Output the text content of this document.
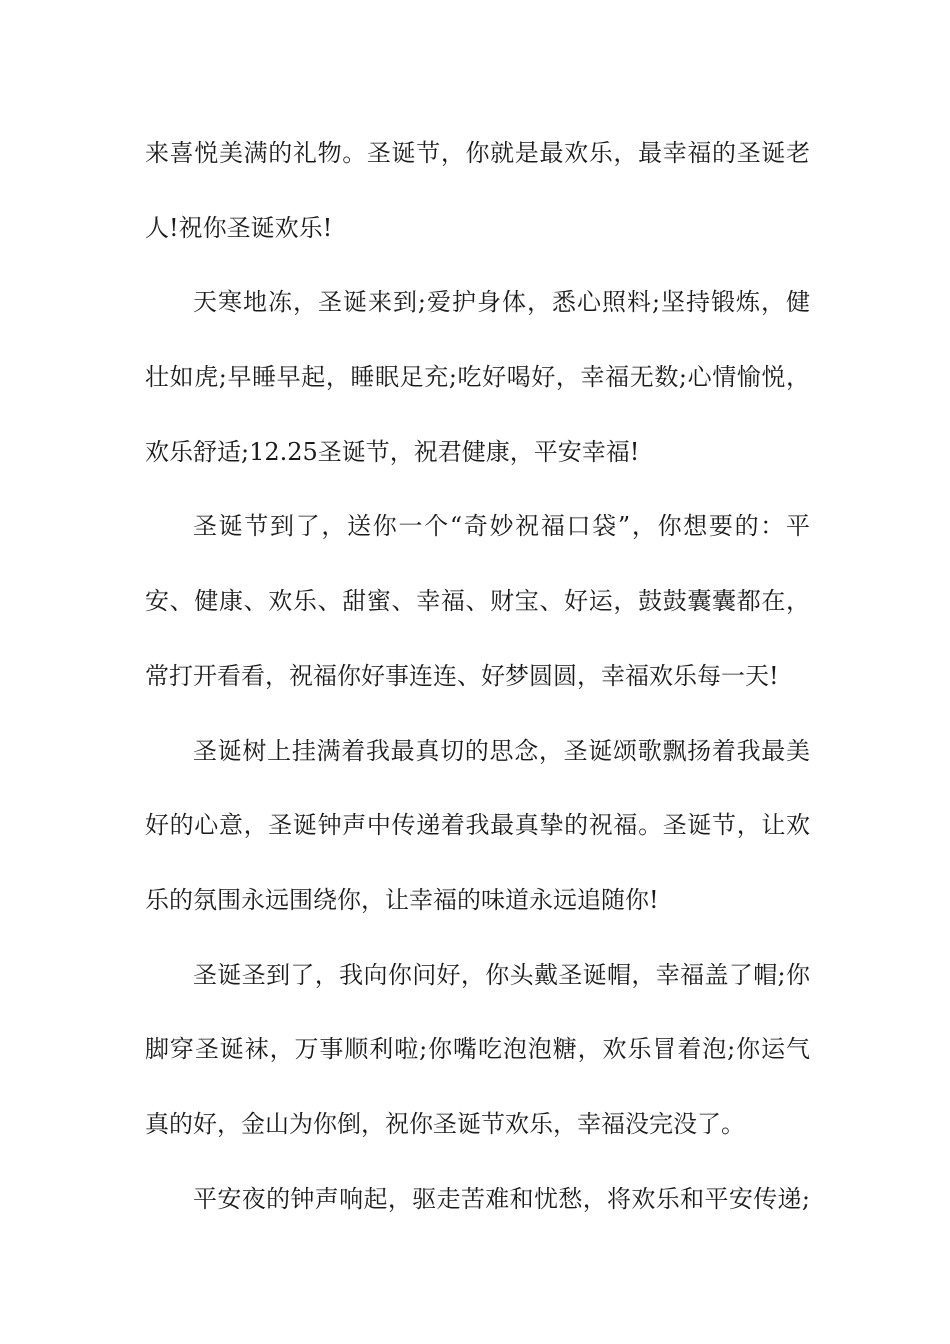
来喜悦美满的礼物。圣诞节，你就是最欢乐，最幸福的圣诞老
人!祝你圣诞欢乐!
天寒地冻，圣诞来到;爱护身体，悉心照料;坚持锻炼，健
壮如虎;早睡早起，睡眠足充;吃好喝好，幸福无数;心情愉悦，
欢乐舒适;12.25圣诞节，祝君健康，平安幸福!
圣诞节到了，送你一个“奇妙祝福口袋”，你想要的：平
安、健康、欢乐、甜蜜、幸福、财宝、好运，鼓鼓囊囊都在，
常打开看看，祝福你好事连连、好梦圆圆，幸福欢乐每一天!
圣诞树上挂满着我最真切的思念，圣诞颂歌飘扬着我最美
好的心意，圣诞钟声中传递着我最真挚的祝福。圣诞节，让欢
乐的氛围永远围绕你，让幸福的味道永远追随你!
圣诞圣到了，我向你问好，你头戴圣诞帽，幸福盖了帽;你
脚穿圣诞袜，万事顺利啦;你嘴吃泡泡糖，欢乐冒着泡;你运气
真的好，金山为你倒，祝你圣诞节欢乐，幸福没完没了。
平安夜的钟声响起，驱走苦难和忧愁，将欢乐和平安传递;
